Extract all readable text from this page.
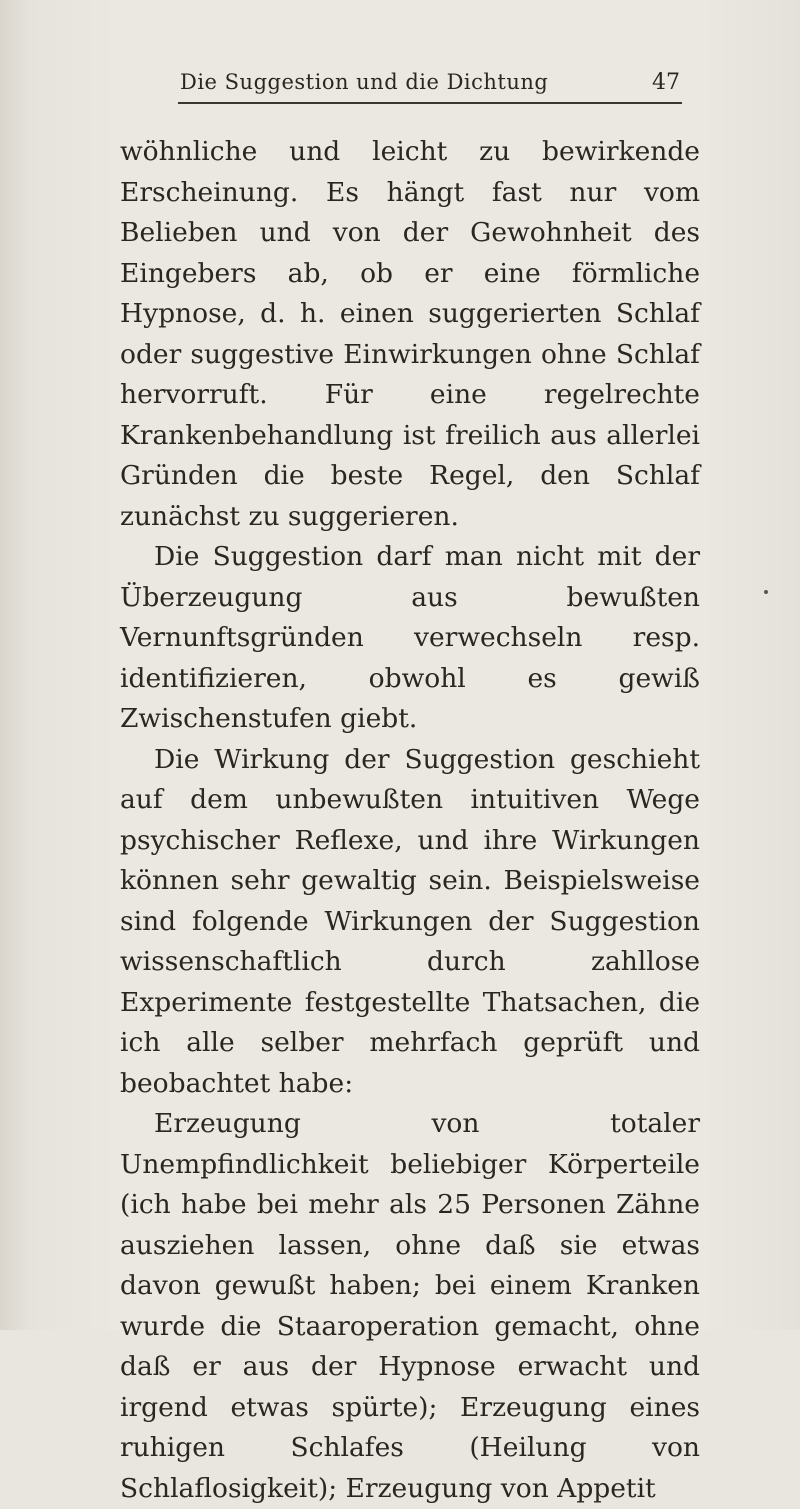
Die Suggestion und die Dichtung	47

wöhnliche und leicht zu bewirkende Erscheinung. Es hängt fast nur vom Belieben und von der Gewohnheit des Eingebers ab, ob er eine förmliche Hypnose, d. h. einen suggerierten Schlaf oder suggestive Einwirkungen ohne Schlaf hervorruft. Für eine regelrechte Krankenbehandlung ist freilich aus allerlei Gründen die beste Regel, den Schlaf zunächst zu suggerieren.

Die Suggestion darf man nicht mit der Überzeugung aus bewußten Vernunftsgründen verwechseln resp. identifizieren, obwohl es gewiß Zwischenstufen giebt.

Die Wirkung der Suggestion geschieht auf dem unbewußten intuitiven Wege psychischer Reflexe, und ihre Wirkungen können sehr gewaltig sein. Beispielsweise sind folgende Wirkungen der Suggestion wissenschaftlich durch zahllose Experimente festgestellte Thatsachen, die ich alle selber mehrfach geprüft und beobachtet habe:

Erzeugung von totaler Unempfindlichkeit beliebiger Körperteile (ich habe bei mehr als 25 Personen Zähne ausziehen lassen, ohne daß sie etwas davon gewußt haben; bei einem Kranken wurde die Staaroperation gemacht, ohne daß er aus der Hypnose erwacht und irgend etwas spürte); Erzeugung eines ruhigen Schlafes (Heilung von Schlaflosigkeit); Erzeugung von Appetit
